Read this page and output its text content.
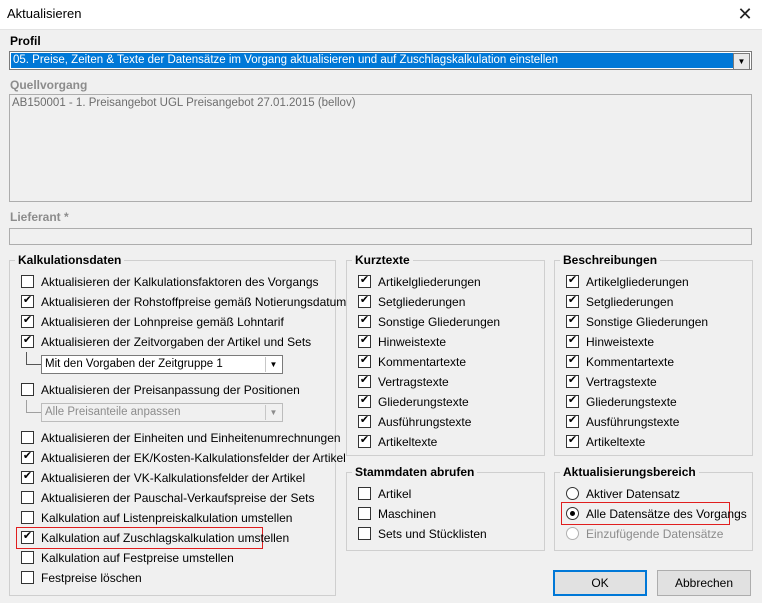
Aktualisieren	✕
Profil
05. Preise, Zeiten & Texte der Datensätze im Vorgang aktualisieren und auf Zuschlagskalkulation einstellen	▼
Quellvorgang
AB150001 - 1. Preisangebot UGL Preisangebot 27.01.2015 (bellov)
Lieferant *
Kalkulationsdaten
Aktualisieren der Kalkulationsfaktoren des Vorgangs
✔ Aktualisieren der Rohstoffpreise gemäß Notierungsdatum
✔ Aktualisieren der Lohnpreise gemäß Lohntarif
✔ Aktualisieren der Zeitvorgaben der Artikel und Sets
Mit den Vorgaben der Zeitgruppe 1	▼
Aktualisieren der Preisanpassung der Positionen
Alle Preisanteile anpassen	▼
Aktualisieren der Einheiten und Einheitenumrechnungen
✔ Aktualisieren der EK/Kosten-Kalkulationsfelder der Artikel
✔ Aktualisieren der VK-Kalkulationsfelder der Artikel
Aktualisieren der Pauschal-Verkaufspreise der Sets
Kalkulation auf Listenpreiskalkulation umstellen
✔ Kalkulation auf Zuschlagskalkulation umstellen
Kalkulation auf Festpreise umstellen
Festpreise löschen
Kurztexte
✔ Artikelgliederungen
✔ Setgliederungen
✔ Sonstige Gliederungen
✔ Hinweistexte
✔ Kommentartexte
✔ Vertragstexte
✔ Gliederungstexte
✔ Ausführungstexte
✔ Artikeltexte
Beschreibungen
✔ Artikelgliederungen
✔ Setgliederungen
✔ Sonstige Gliederungen
✔ Hinweistexte
✔ Kommentartexte
✔ Vertragstexte
✔ Gliederungstexte
✔ Ausführungstexte
✔ Artikeltexte
Stammdaten abrufen
Artikel
Maschinen
Sets und Stücklisten
Aktualisierungsbereich
Aktiver Datensatz
Alle Datensätze des Vorgangs
Einzufügende Datensätze
OK	Abbrechen
